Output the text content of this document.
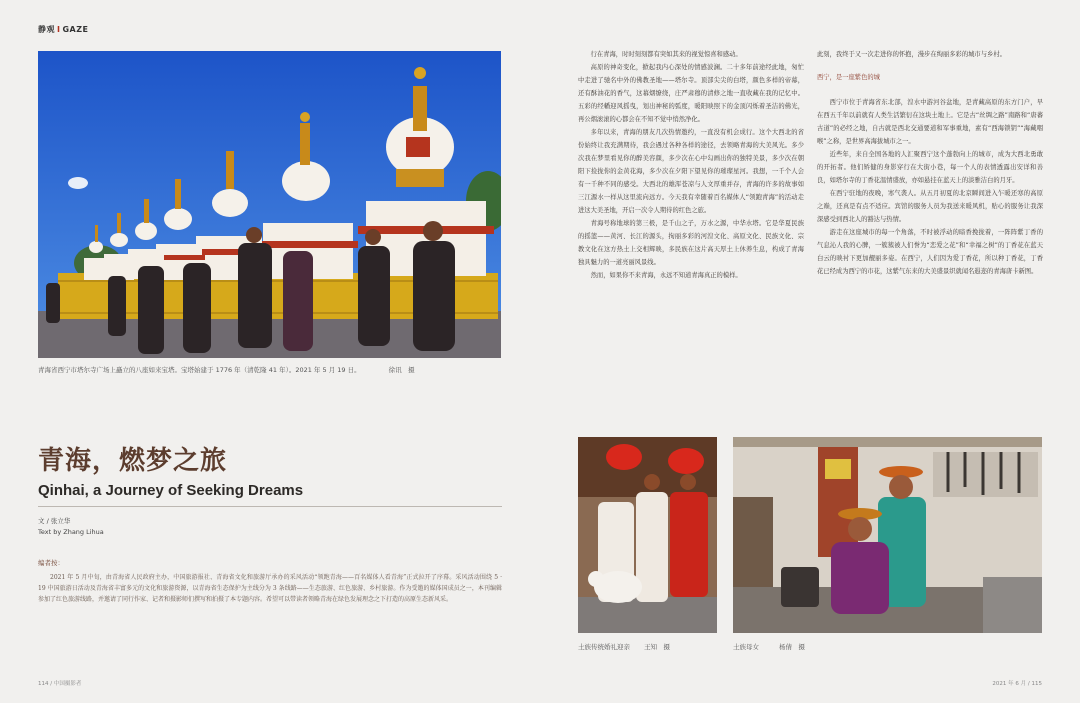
静观 I GAZE
青海省西宁市塔尔寺广场上矗立的八座如来宝塔。宝塔始建于 1776 年（清乾隆 41 年）。2021 年 5 月 19 日。	徐讯　摄
青海，燃梦之旅
Qinhai, a Journey of Seeking Dreams
文 / 张立华
Text by Zhang Lihua
编者按：
2021 年 5 月中旬，由青海省人民政府主办，中国旅游报社、青海省文化和旅游厅承办的采风活动“领跑青海——百名媒体人看青海”正式拉开了序幕。采风活动围绕 5 · 19 中国旅游日活动及青海省丰富多元的文化和旅游资源，以青海省生态保护为主线分为 3 条线路——生态旅游、红色旅游、乡村旅游。作为受邀的媒体国成员之一，本刊编辑参加了红色旅游线路，并邀请了同行作家、记者和摄影师们撰写和拍摄了本专题内容。希望可以带读者领略青海在绿色发展理念之下打造的高原生态新风采。

行在青海，时时刻刻都有突如其来的视觉惊喜和感动。

高原的神奇变化，掀起我内心深处的情感波澜。二十多年前途经此地，匆忙中走进了驰名中外的佛教圣地——塔尔寺。顶部尖尖的白塔，颜色多样的帝幕，还有酥油花的香气，这幕烟缭绕，庄严肃穆的清修之地一直收藏在我的记忆中。五彩的经幡迎风摇曳，划出神秘的弧度，暖阳映照下的金顶闪烁着圣洁的佛光，再公烟滚滚的心都会在不知不觉中悄然净化。

多年以来，青海的朋友几次热情邀约，一直没有机会成行。这个大西北的省份始终让我充满期待，我会遇过各种各样的途径，去领略青海的大美风光。多少次我在梦里看见你的醉美容颜，多少次在心中勾画出你的独特美景，多少次在朝阳下捡拢你的金黄花海，多少次在夕阳下望见你的璀璨星河。我想，一千个人会有一千种不同的感受。大西北的雄浑苍凉与人文厚重并存，青海的许多的故事如三江源水一样从这里流向远方。今天我有幸随着百名媒体人“领跑青海”的活动走进这大美圣地，开启一次令人期待的红色之旅。

青海号称地球的第三极，是千山之子，万水之源，中华水塔。它是华夏民族的摇篮——黄河、长江的源头，拘丽多彩的河湟文化、高原文化、民族文化、宗教文化在这方热土上交相辉映，多民族在这片高天厚土上休养生息，构成了青海独具魅力的一道亮丽风景线。

然而，如果你不来青海，永远不知道青海真正的模样。

此刻，我终于又一次走进你的怀抱，漫步在绚丽多彩的城市与乡村。

西宁，是一座紫色的城

西宁市位于青海省东北部，湟水中游河谷盆地，是青藏高原的东方门户，早在西五千年以前就有人类生活繁衍在这块土地上。它是古“丝绸之路”南路和“唐蕃古道”的必经之地，自古就是西北交通要道和军事重地，素有“西海锁钥”“海藏咽喉”之称，是世界高海拔城市之一。

近些年，来自全国各地的人汇聚西宁这个蓬勃向上的城市，成为大西北勇敢的开拓者。他们矫健的身影穿行在大街小巷，每一个人的表情透露出安详和善良，如塔尔寺的丁香花温情盛放，亦如悬挂在蓝天上的淡雅洁白的月牙。

在西宁驻地的夜晚，寒气袭人。从五月初夏的北京瞬间进入乍暖还寒的高原之巅，还真是有点不适应。宾馆的服务人员为我送来暖风机，贴心的服务让我深深感受到西北人的豁达与热情。

游走在这座城市的每一个角落，不时被浮动的暗香挽拢着，一阵阵紫丁香的气息沁人我的心脾，一簇簇被人们誉为“恋爱之花”和“幸福之树”的丁香花在蓝天白云的映衬下更加靓丽多姿。在西宁，人们因为爱丁香花，所以种丁香花，丁香花已经成为西宁的市花，这紫气东来的大美盛景织就闻名遐迩的青海唐卡新图。

土族传统婚礼迎亲 王知　摄	土族母女	杨倩　摄
114 / 中国摄影者	2021 年 6 月 / 115
